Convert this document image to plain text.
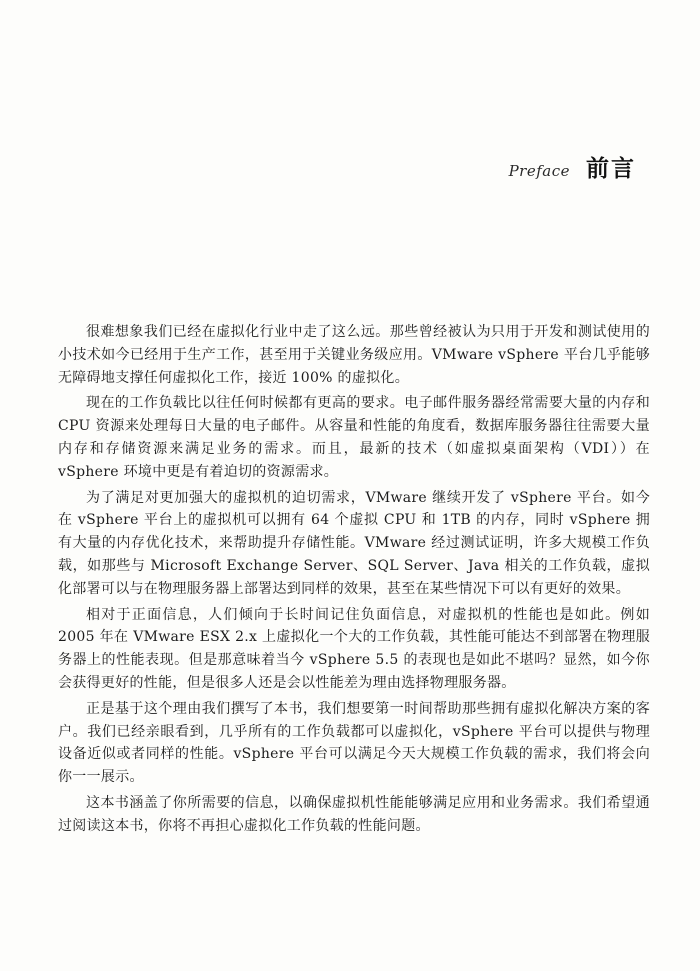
Preface 前言

很难想象我们已经在虚拟化行业中走了这么远。那些曾经被认为只用于开发和测试使用的小技术如今已经用于生产工作，甚至用于关键业务级应用。VMware vSphere 平台几乎能够无障碍地支撑任何虚拟化工作，接近 100% 的虚拟化。

现在的工作负载比以往任何时候都有更高的要求。电子邮件服务器经常需要大量的内存和 CPU 资源来处理每日大量的电子邮件。从容量和性能的角度看，数据库服务器往往需要大量内存和存储资源来满足业务的需求。而且，最新的技术（如虚拟桌面架构（VDI））在 vSphere 环境中更是有着迫切的资源需求。

为了满足对更加强大的虚拟机的迫切需求，VMware 继续开发了 vSphere 平台。如今在 vSphere 平台上的虚拟机可以拥有 64 个虚拟 CPU 和 1TB 的内存，同时 vSphere 拥有大量的内存优化技术，来帮助提升存储性能。VMware 经过测试证明，许多大规模工作负载，如那些与 Microsoft Exchange Server、SQL Server、Java 相关的工作负载，虚拟化部署可以与在物理服务器上部署达到同样的效果，甚至在某些情况下可以有更好的效果。

相对于正面信息，人们倾向于长时间记住负面信息，对虚拟机的性能也是如此。例如 2005 年在 VMware ESX 2.x 上虚拟化一个大的工作负载，其性能可能达不到部署在物理服务器上的性能表现。但是那意味着当今 vSphere 5.5 的表现也是如此不堪吗？显然，如今你会获得更好的性能，但是很多人还是会以性能差为理由选择物理服务器。

正是基于这个理由我们撰写了本书，我们想要第一时间帮助那些拥有虚拟化解决方案的客户。我们已经亲眼看到，几乎所有的工作负载都可以虚拟化，vSphere 平台可以提供与物理设备近似或者同样的性能。vSphere 平台可以满足今天大规模工作负载的需求，我们将会向你一一展示。

这本书涵盖了你所需要的信息，以确保虚拟机性能能够满足应用和业务需求。我们希望通过阅读这本书，你将不再担心虚拟化工作负载的性能问题。
